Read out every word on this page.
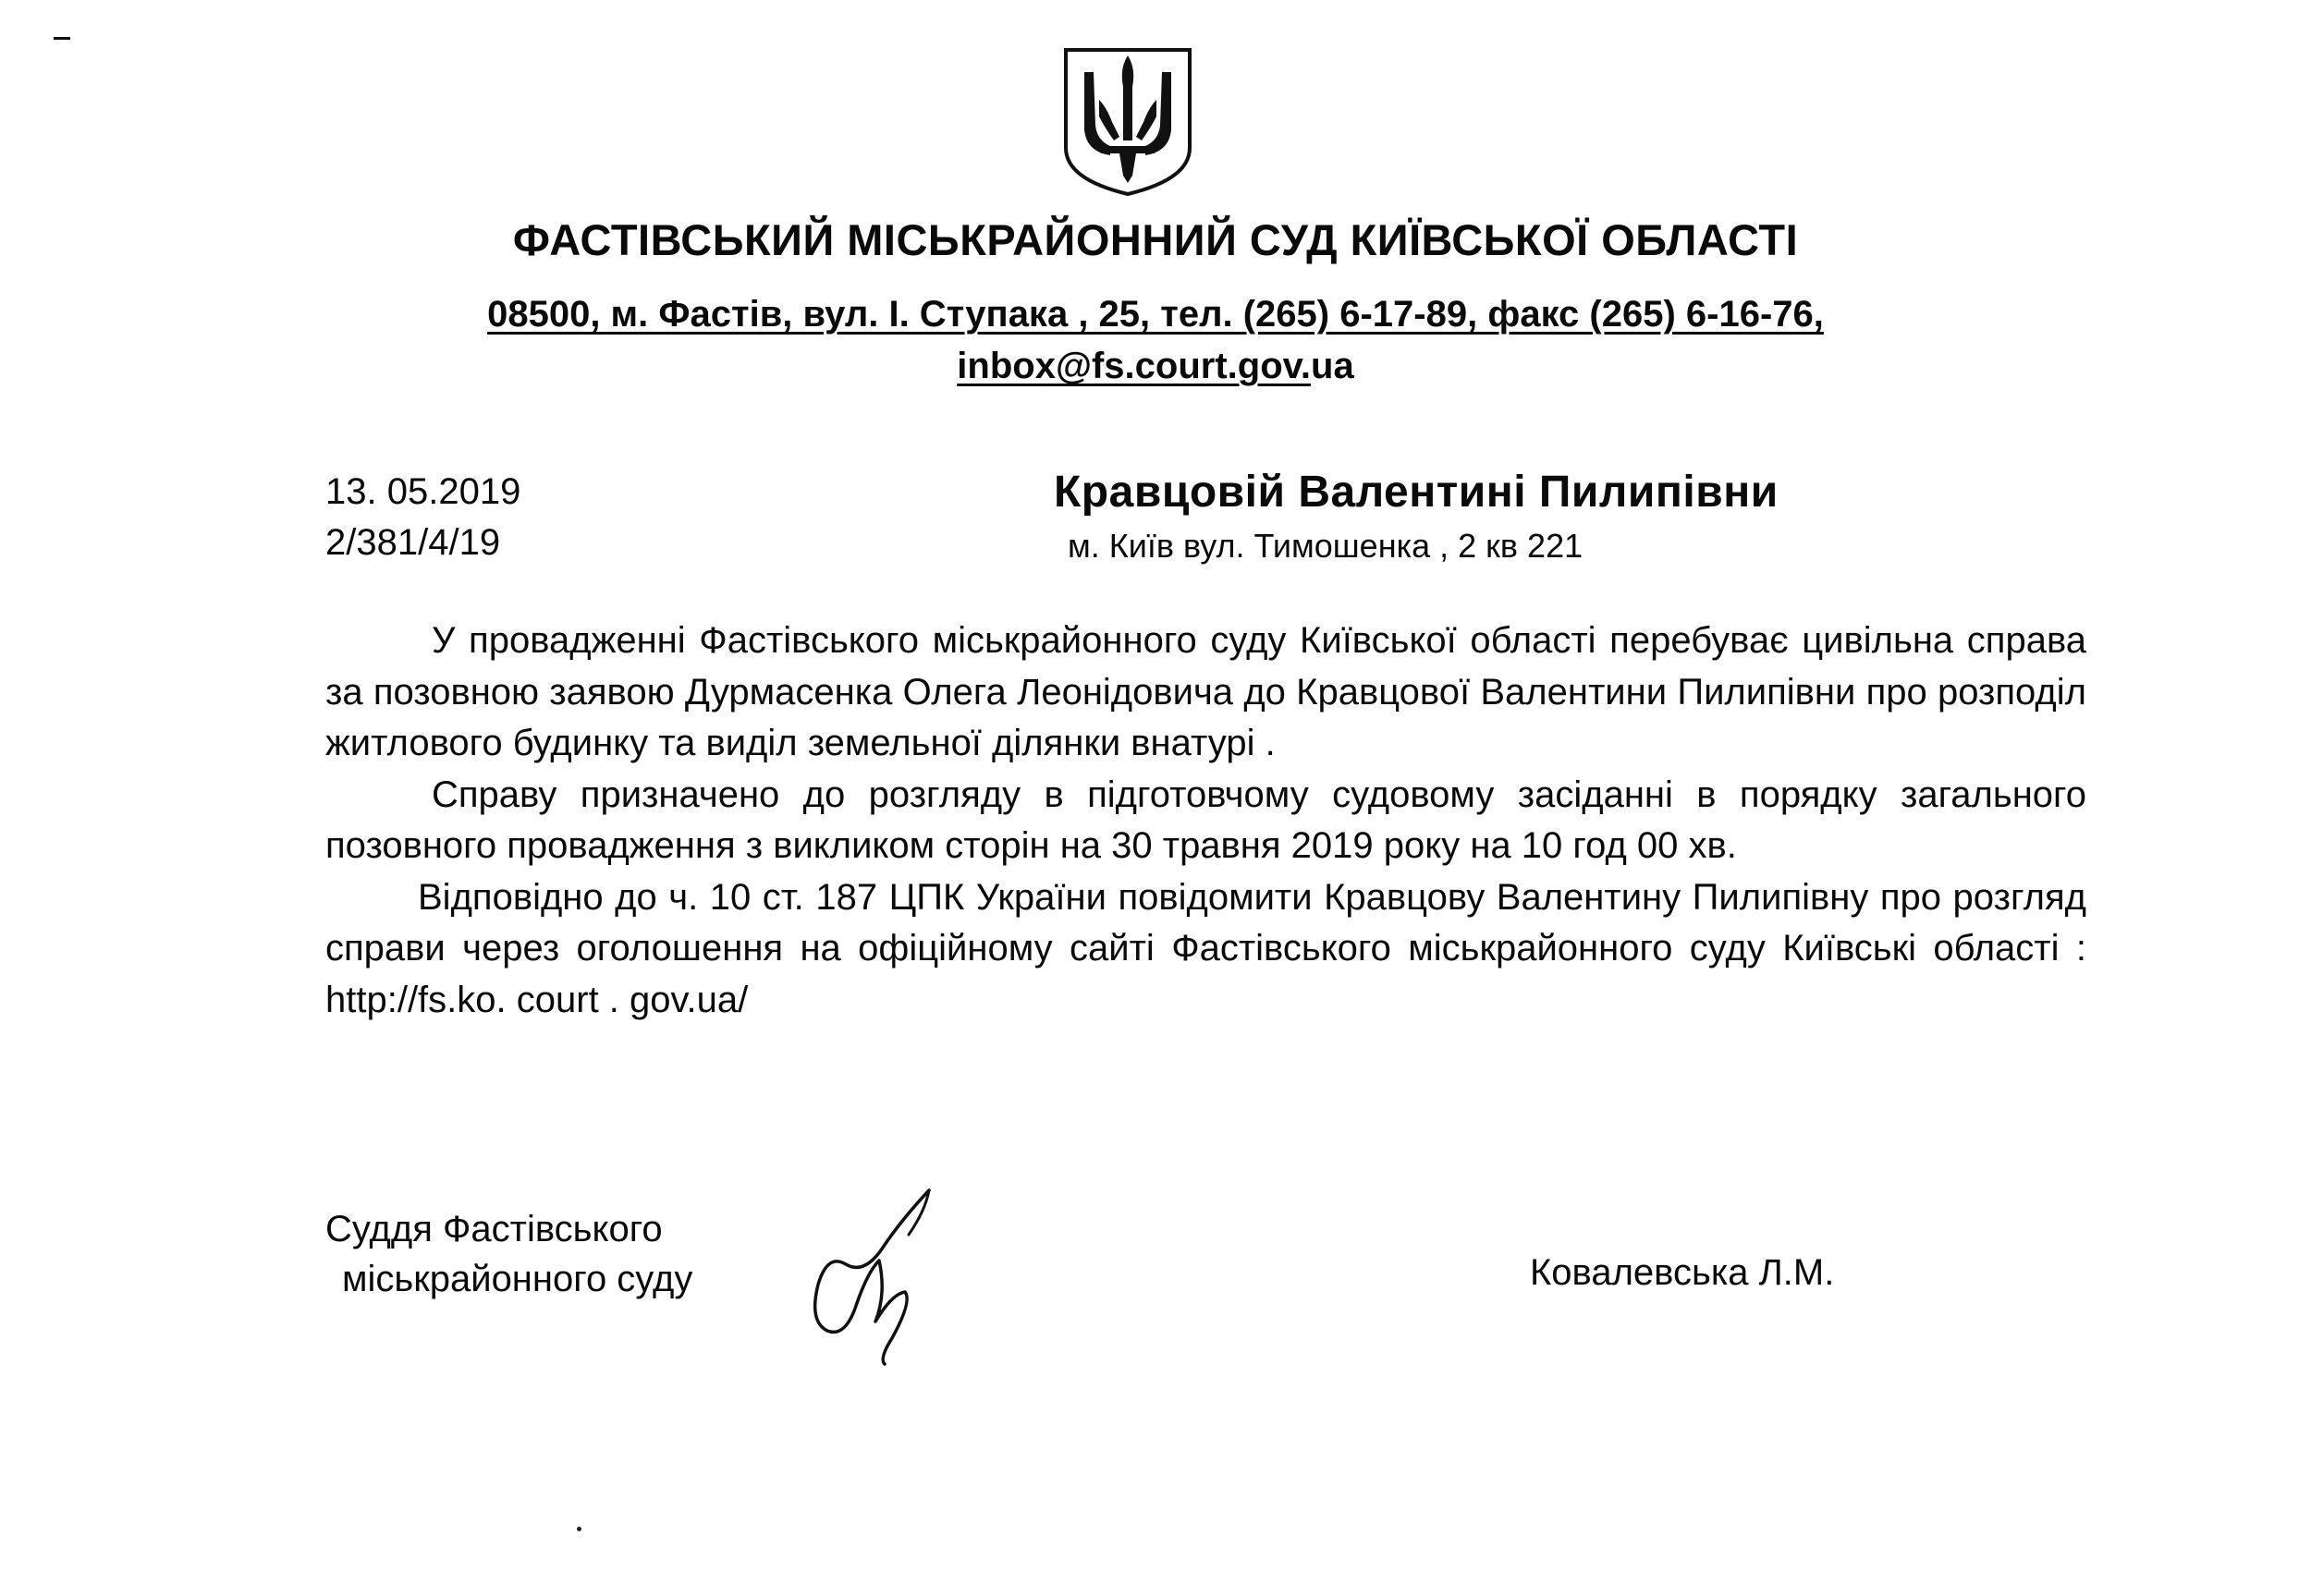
ФАСТІВСЬКИЙ МІСЬКРАЙОННИЙ СУД КИЇВСЬКОЇ ОБЛАСТІ
08500, м. Фастів, вул. І. Ступака , 25, тел. (265) 6-17-89, факс (265) 6-16-76,
inbox@fs.court.gov.ua
13. 05.2019
2/381/4/19
Кравцовій Валентині Пилипівни
м. Київ вул. Тимошенка , 2 кв 221

У провадженні Фастівського міськрайонного суду Київської області перебуває цивільна справа за позовною заявою Дурмасенка Олега Леонідовича до Кравцової Валентини Пилипівни про розподіл житлового будинку та виділ земельної ділянки внатурі .

Справу призначено до розгляду в підготовчому судовому засіданні в порядку загального позовного провадження з викликом сторін на 30 травня 2019 року на 10 год 00 хв.

Відповідно до ч. 10 ст. 187 ЦПК України повідомити Кравцову Валентину Пилипівну про розгляд справи через оголошення на офіційному сайті Фастівського міськрайонного суду Київські області : http://fs.ko. court . gov.ua/

Суддя Фастівського
міськрайонного суду	Ковалевська Л.М.
